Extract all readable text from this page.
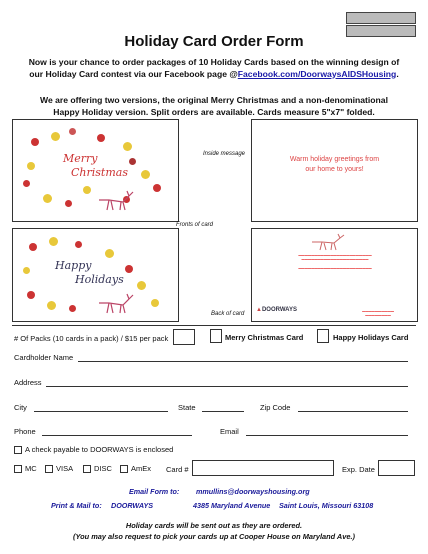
Holiday Card Order Form
Now is your chance to order packages of 10 Holiday Cards based on the winning design of
our Holiday Card contest via our Facebook page @Facebook.com/DoorwaysAIDSHousing.
We are offering two versions, the original Merry Christmas and a non-denominational
Happy Holiday version. Split orders are available. Cards measure 5"x7" folded.
Merry
Christmas
Inside message
Warm holiday greetings from
our home to yours!
Fronts of card
Happy
Holidays
▬▬▬▬▬▬▬▬▬▬▬▬▬▬▬▬▬▬▬▬▬▬▬
▬▬▬▬▬▬▬▬▬▬▬▬▬▬▬▬▬▬▬▬▬

▬▬▬▬▬▬▬▬▬▬▬▬▬▬▬▬▬▬▬▬▬▬▬
▲DOORWAYS	▬▬▬▬▬▬▬▬▬▬
▬▬▬▬▬▬▬▬
Back of card
# Of Packs (10 cards in a pack) / $15 per pack	Merry Christmas Card	Happy Holidays Card
Cardholder Name
Address
City	State	Zip Code
Phone	Email
A check payable to DOORWAYS is enclosed
MC	VISA	DISC	AmEx Card #	Exp. Date
Email Form to: mmullins@doorwayshousing.org
Print & Mail to: DOORWAYS	4385 Maryland Avenue Saint Louis, Missouri 63108
Holiday cards will be sent out as they are ordered.
(You may also request to pick your cards up at Cooper House on Maryland Ave.)
